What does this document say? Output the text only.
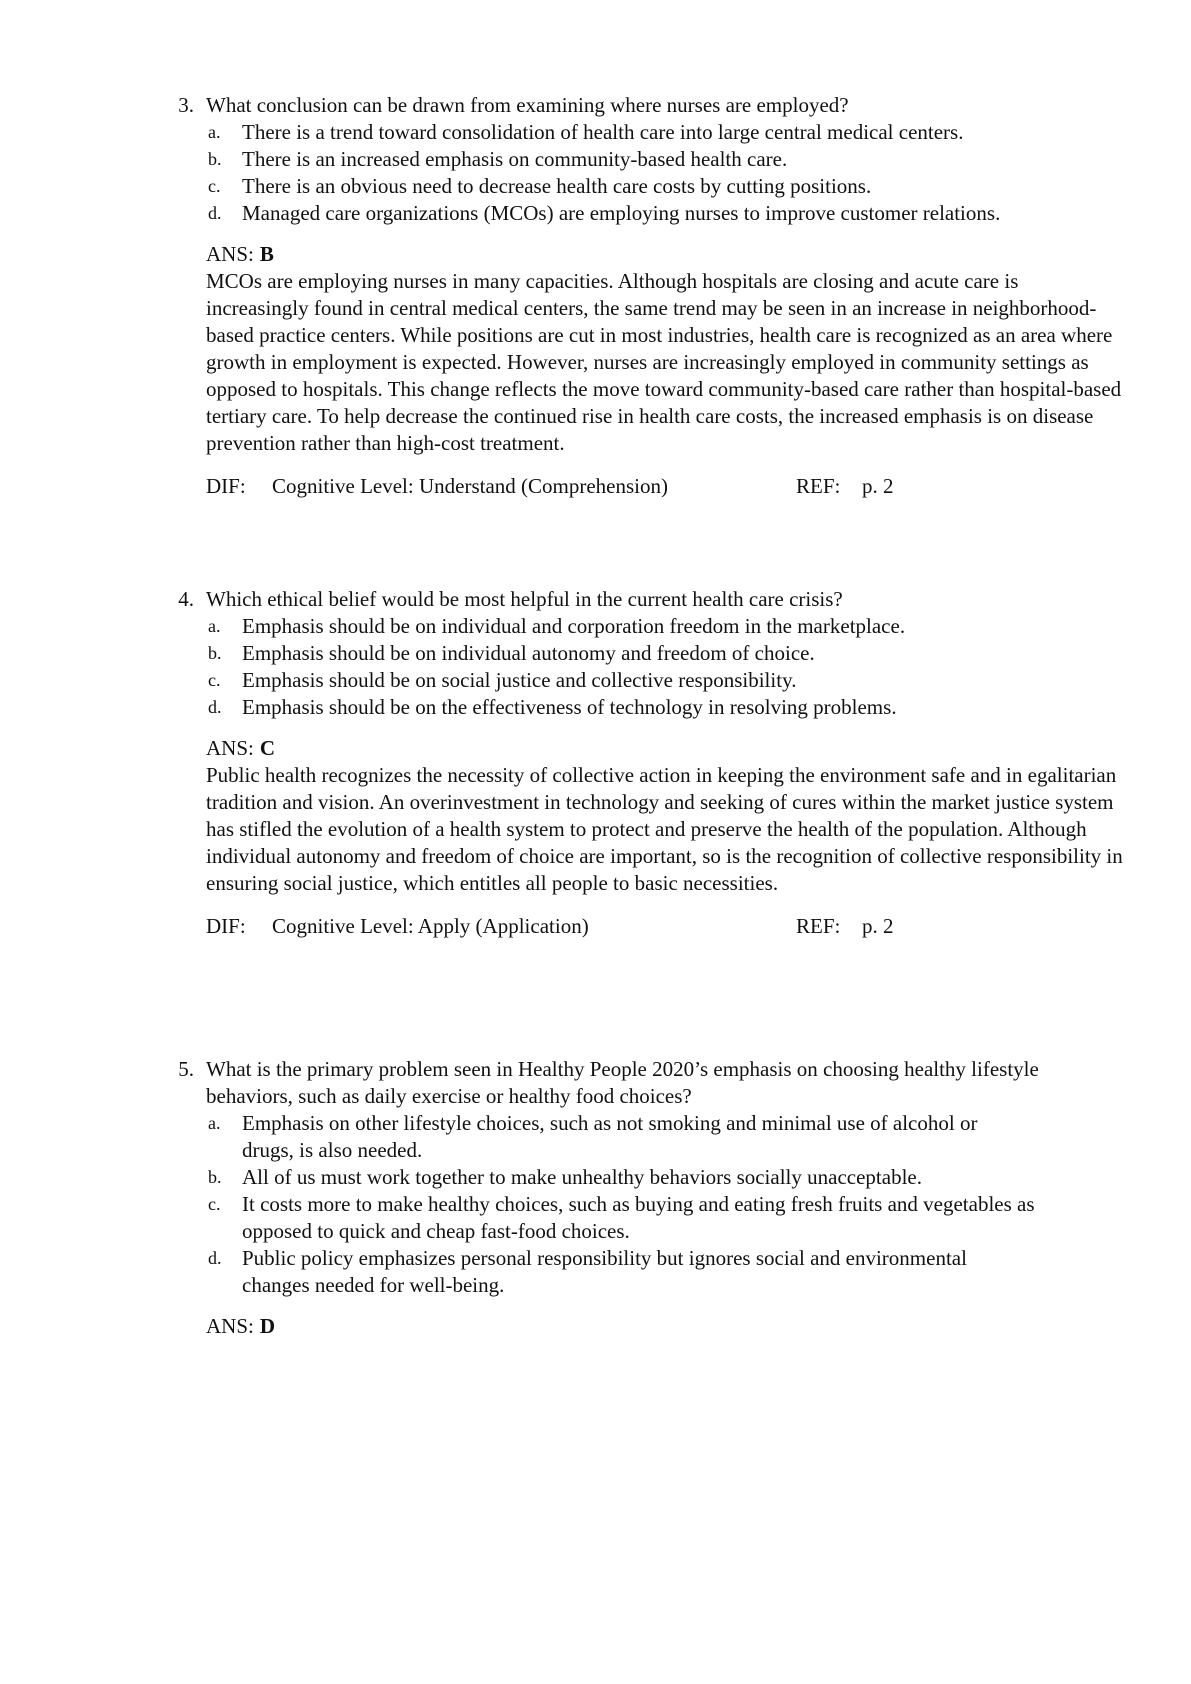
3. What conclusion can be drawn from examining where nurses are employed?
a. There is a trend toward consolidation of health care into large central medical centers.
b. There is an increased emphasis on community-based health care.
c. There is an obvious need to decrease health care costs by cutting positions.
d. Managed care organizations (MCOs) are employing nurses to improve customer relations.
ANS: B
MCOs are employing nurses in many capacities. Although hospitals are closing and acute care is increasingly found in central medical centers, the same trend may be seen in an increase in neighborhood-based practice centers. While positions are cut in most industries, health care is recognized as an area where growth in employment is expected. However, nurses are increasingly employed in community settings as opposed to hospitals. This change reflects the move toward community-based care rather than hospital-based tertiary care. To help decrease the continued rise in health care costs, the increased emphasis is on disease prevention rather than high-cost treatment.
DIF: Cognitive Level: Understand (Comprehension)	REF: p. 2
4. Which ethical belief would be most helpful in the current health care crisis?
a. Emphasis should be on individual and corporation freedom in the marketplace.
b. Emphasis should be on individual autonomy and freedom of choice.
c. Emphasis should be on social justice and collective responsibility.
d. Emphasis should be on the effectiveness of technology in resolving problems.
ANS: C
Public health recognizes the necessity of collective action in keeping the environment safe and in egalitarian tradition and vision. An overinvestment in technology and seeking of cures within the market justice system has stifled the evolution of a health system to protect and preserve the health of the population. Although individual autonomy and freedom of choice are important, so is the recognition of collective responsibility in ensuring social justice, which entitles all people to basic necessities.
DIF: Cognitive Level: Apply (Application)	REF: p. 2
5. What is the primary problem seen in Healthy People 2020’s emphasis on choosing healthy lifestyle behaviors, such as daily exercise or healthy food choices?
a. Emphasis on other lifestyle choices, such as not smoking and minimal use of alcohol or drugs, is also needed.
b. All of us must work together to make unhealthy behaviors socially unacceptable.
c. It costs more to make healthy choices, such as buying and eating fresh fruits and vegetables as opposed to quick and cheap fast-food choices.
d. Public policy emphasizes personal responsibility but ignores social and environmental changes needed for well-being.
ANS: D
